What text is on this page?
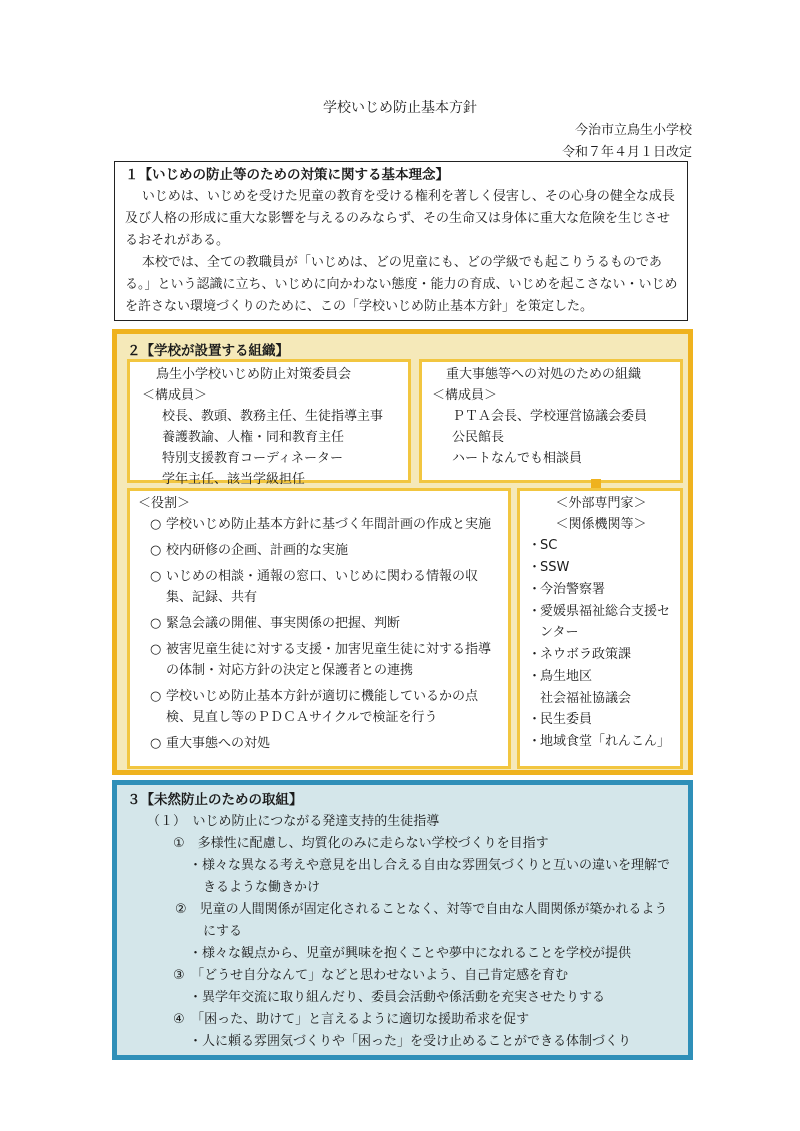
学校いじめ防止基本方針
今治市立鳥生小学校
令和７年４月１日改定
１【いじめの防止等のための対策に関する基本理念】

いじめは、いじめを受けた児童の教育を受ける権利を著しく侵害し、その心身の健全な成長及び人格の形成に重大な影響を与えるのみならず、その生命又は身体に重大な危険を生じさせるおそれがある。

本校では、全ての教職員が「いじめは、どの児童にも、どの学級でも起こりうるものである。」という認識に立ち、いじめに向かわない態度・能力の育成、いじめを起こさない・いじめを許さない環境づくりのために、この「学校いじめ防止基本方針」を策定した。

２【学校が設置する組織】
鳥生小学校いじめ防止対策委員会
＜構成員＞
校長、教頭、教務主任、生徒指導主事
養護教諭、人権・同和教育主任
特別支援教育コーディネーター
学年主任、該当学級担任
重大事態等への対処のための組織
＜構成員＞
ＰＴＡ会長、学校運営協議会委員
公民館長
ハートなんでも相談員
＜役割＞

○ 学校いじめ防止基本方針に基づく年間計画の作成と実施

○ 校内研修の企画、計画的な実施

○ いじめの相談・通報の窓口、いじめに関わる情報の収集、記録、共有

○ 緊急会議の開催、事実関係の把握、判断

○ 被害児童生徒に対する支援・加害児童生徒に対する指導の体制・対応方針の決定と保護者との連携

○ 学校いじめ防止基本方針が適切に機能しているかの点検、見直し等のＰＤＣＡサイクルで検証を行う

○ 重大事態への対処

＜外部専門家＞
＜関係機関等＞
・SC
・SSW
・今治警察署
・愛媛県福祉総合支援センター
・ネウボラ政策課
・鳥生地区
社会福祉協議会
・民生委員
・地域食堂「れんこん」
３【未然防止のための取組】
（１）　いじめ防止につながる発達支持的生徒指導
①　多様性に配慮し、均質化のみに走らない学校づくりを目指す
・様々な異なる考えや意見を出し合える自由な雰囲気づくりと互いの違いを理解できるような働きかけ
②　児童の人間関係が固定化されることなく、対等で自由な人間関係が築かれるようにする
・様々な観点から、児童が興味を抱くことや夢中になれることを学校が提供
③　「どうせ自分なんて」などと思わせないよう、自己肯定感を育む
・異学年交流に取り組んだり、委員会活動や係活動を充実させたりする
④　「困った、助けて」と言えるように適切な援助希求を促す
・人に頼る雰囲気づくりや「困った」を受け止めることができる体制づくり
